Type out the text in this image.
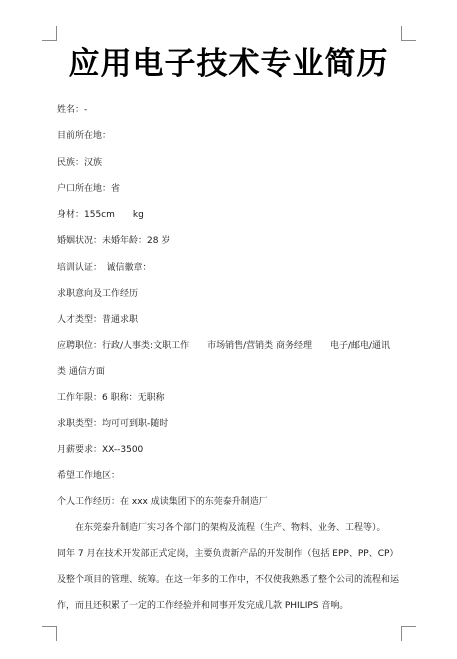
应用电子技术专业简历
姓名：-
目前所在地：
民族：汉族
户口所在地：省
身材：155cm　　kg
婚姻状况：未婚年龄：28 岁
培训认证：　诚信徽章：
求职意向及工作经历
人才类型：普通求职
应聘职位：行政/人事类:文职工作　　市场销售/营销类 商务经理　　电子/邮电/通讯
类 通信方面
工作年限：6 职称：无职称
求职类型：均可可到职-随时
月薪要求：XX--3500
希望工作地区：
个人工作经历：在 xxx 成读集团下的东莞泰升制造厂
在东莞泰升制造厂实习各个部门的架构及流程（生产、物料、业务、工程等）。
同年 7 月在技术开发部正式定岗，主要负责新产品的开发制作（包括 EPP、PP、CP）
及整个项目的管理、统筹。在这一年多的工作中，不仅使我熟悉了整个公司的流程和运
作，而且还积累了一定的工作经验并和同事开发完成几款 PHILIPS 音响。
